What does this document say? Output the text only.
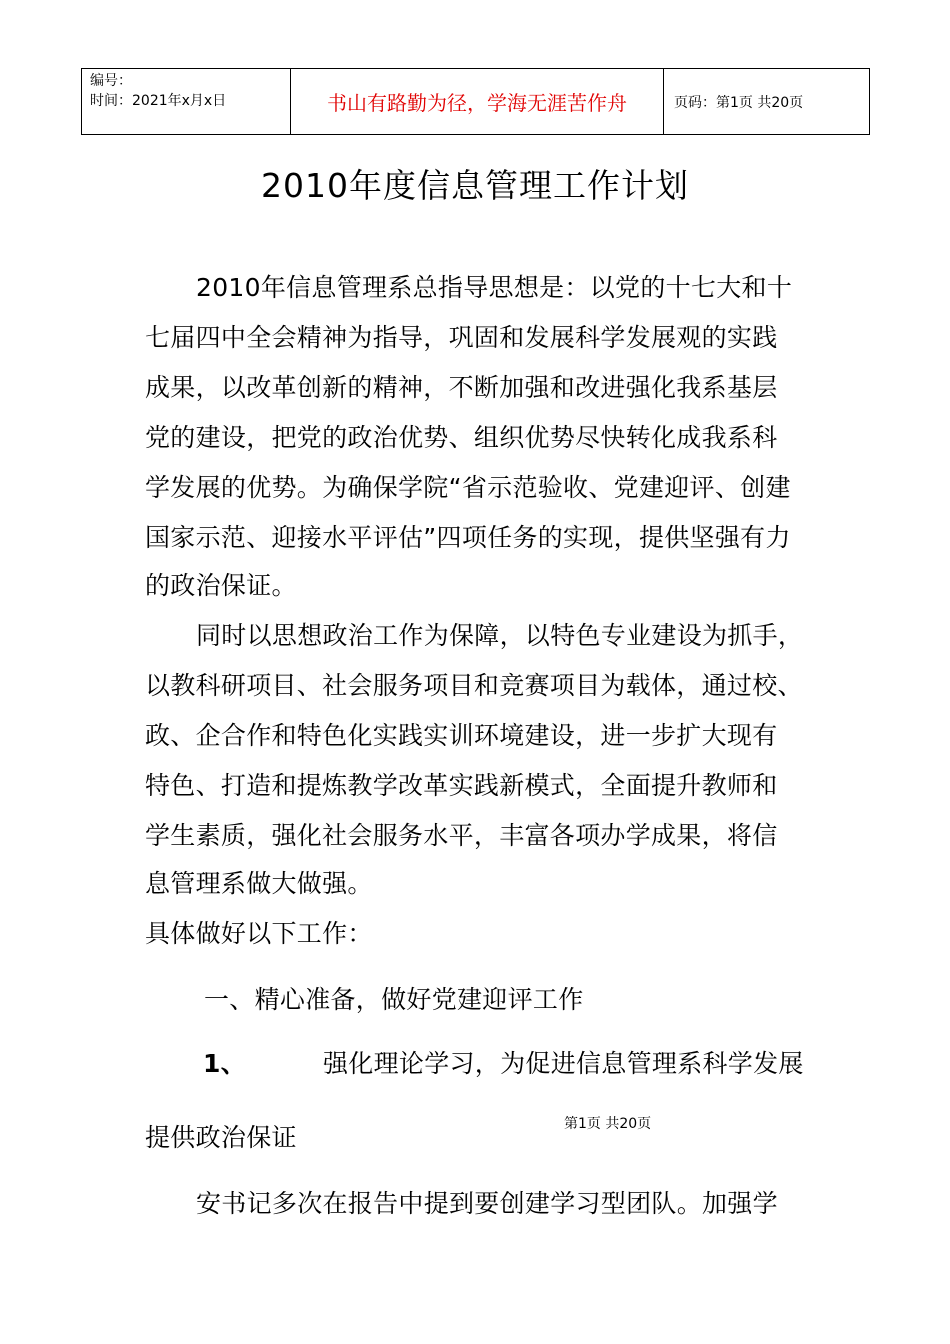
编号：
时间：2021年x月x日	书山有路勤为径，学海无涯苦作舟	页码：第1页 共20页
2010年度信息管理工作计划
2010年信息管理系总指导思想是：以党的十七大和十
七届四中全会精神为指导，巩固和发展科学发展观的实践
成果，以改革创新的精神，不断加强和改进强化我系基层
党的建设，把党的政治优势、组织优势尽快转化成我系科
学发展的优势。为确保学院“省示范验收、党建迎评、创建
国家示范、迎接水平评估”四项任务的实现，提供坚强有力
的政治保证。
同时以思想政治工作为保障，以特色专业建设为抓手，
以教科研项目、社会服务项目和竞赛项目为载体，通过校、
政、企合作和特色化实践实训环境建设，进一步扩大现有
特色、打造和提炼教学改革实践新模式，全面提升教师和
学生素质，强化社会服务水平，丰富各项办学成果，将信
息管理系做大做强。
具体做好以下工作：
一、精心准备，做好党建迎评工作
1、	强化理论学习，为促进信息管理系科学发展
提供政治保证
安书记多次在报告中提到要创建学习型团队。加强学
第1页 共20页
